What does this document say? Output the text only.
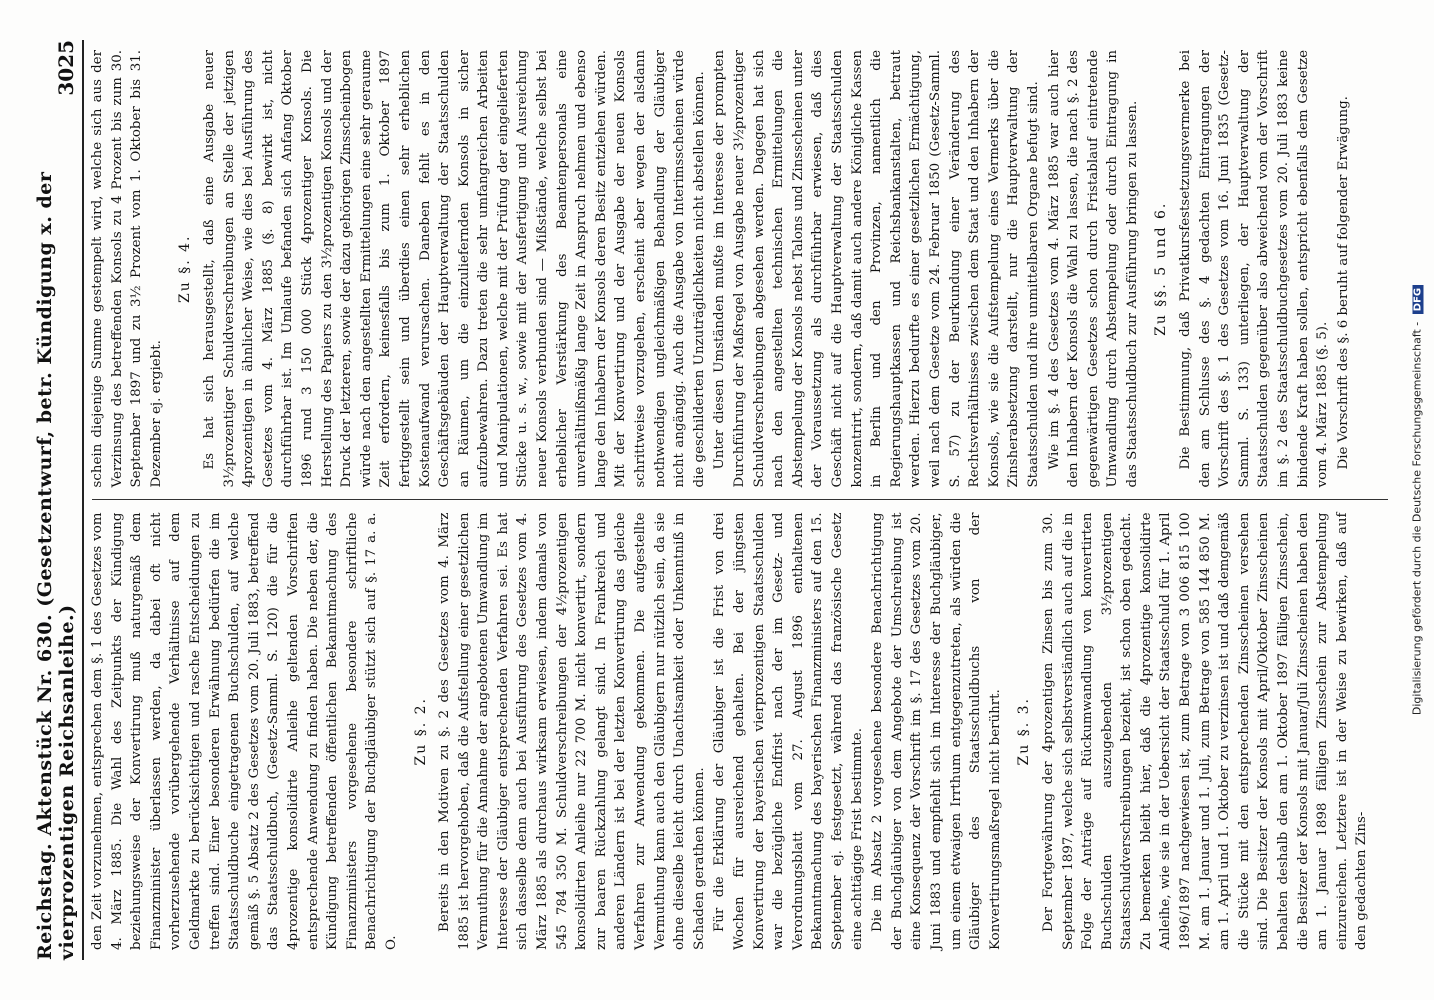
Reichstag. Aktenstück Nr. 630. (Gesetzentwurf, betr. Kündigung x. der vierprozentigen Reichsanleihe.)
3025

den Zeit vorzunehmen, entsprechen dem §. 1 des Gesetzes vom 4. März 1885. Die Wahl des Zeitpunkts der Kündigung beziehungsweise der Konvertirung muß naturgemäß dem Finanzminister überlassen werden, da dabei oft nicht vorherzusehende vorübergehende Verhältnisse auf dem Geldmarkte zu berücksichtigen und rasche Entscheidungen zu treffen sind. Einer besonderen Erwähnung bedürfen die im Staatsschuldbuche eingetragenen Buchschulden, auf welche gemäß §. 5 Absatz 2 des Gesetzes vom 20. Juli 1883, betreffend das Staatsschuldbuch, (Gesetz-Samml. S. 120) die für die 4prozentige konsolidirte Anleihe geltenden Vorschriften entsprechende Anwendung zu finden haben. Die neben der, die Kündigung betreffenden öffentlichen Bekanntmachung des Finanzministers vorgesehene besondere schriftliche Benachrichtigung der Buchgläubiger stützt sich auf §. 17 a. a. O.

Zu §. 2. Bereits in den Motiven zu §. 2 des Gesetzes vom 4. März 1885 ist hervorgehoben, daß die Aufstellung einer gesetzlichen Vermuthung für die Annahme der angebotenen Umwandlung im Interesse der Gläubiger entsprechenden Verfahren sei. Es hat sich dasselbe denn auch bei Ausführung des Gesetzes vom 4. März 1885 als durchaus wirksam erwiesen, indem damals von 545 784 350 M. Schuldverschreibungen der 4½prozentigen konsolidirten Anleihe nur 22 700 M. nicht konvertirt, sondern zur baaren Rückzahlung gelangt sind. In Frankreich und anderen Ländern ist bei der letzten Konvertirung das gleiche Verfahren zur Anwendung gekommen. Die aufgestellte Vermuthung kann auch den Gläubigern nur nützlich sein, da sie ohne dieselbe leicht durch Unachtsamkeit oder Unkenntniß in Schaden gerathen können. Für die Erklärung der Gläubiger ist die Frist von drei Wochen für ausreichend gehalten. Bei der jüngsten Konvertirung der bayerischen vierprozentigen Staatsschulden war die bezügliche Endfrist nach der im Gesetz- und Verordnungsblatt vom 27. August 1896 enthaltenen Bekanntmachung des bayerischen Finanzministers auf den 15. September ej. festgesetzt, während das französische Gesetz eine achttägige Frist bestimmte. Die im Absatz 2 vorgesehene besondere Benachrichtigung der Buchgläubiger von dem Angebote der Umschreibung ist eine Konsequenz der Vorschrift im §. 17 des Gesetzes vom 20. Juni 1883 und empfiehlt sich im Interesse der Buchgläubiger, um einem etwaigen Irrthum entgegenzutreten, als würden die Gläubiger des Staatsschuldbuchs von der Konvertirungsmaßregel nicht berührt. Zu §. 3. Der Fortgewährung der 4prozentigen Zinsen bis zum 30. September 1897, welche sich selbstverständlich auch auf die in Folge der Anträge auf Rückumwandlung von konvertirten Buchschulden auszugebenden 3½prozentigen Staatsschuldverschreibungen bezieht, ist schon oben gedacht. Zu bemerken bleibt hier, daß die 4prozentige konsolidirte Anleihe, wie sie in der Uebersicht der Staatsschuld für 1. April 1896/1897 nachgewiesen ist, zum Betrage von 3 006 815 100 M. am 1. Januar und 1. Juli, zum Betrage von 585 144 850 M. am 1. April und 1. Oktober zu verzinsen ist und daß demgemäß die Stücke mit den entsprechenden Zinsscheinen versehen sind. Die Besitzer der Konsols mit April/Oktober Zinsscheinen behalten deshalb den am 1. Oktober 1897 fälligen Zinsschein, die Besitzer der Konsols mit Januar/Juli Zinsscheinen haben den am 1. Januar 1898 fälligen Zinsschein zur Abstempelung einzureichen. Letztere ist in der Weise zu bewirken, daß auf den gedachten Zins-

schein diejenige Summe gestempelt wird, welche sich aus der Verzinsung des betreffenden Konsols zu 4 Prozent bis zum 30. September 1897 und zu 3½ Prozent vom 1. Oktober bis 31. Dezember ej. ergiebt.

Zu §. 4. Es hat sich herausgestellt, daß eine Ausgabe neuer 3½prozentiger Schuldverschreibungen an Stelle der jetzigen 4prozentigen in ähnlicher Weise, wie dies bei Ausführung des Gesetzes vom 4. März 1885 (§. 8) bewirkt ist, nicht durchführbar ist. Im Umlaufe befanden sich Anfang Oktober 1896 rund 3 150 000 Stück 4prozentiger Konsols. Die Herstellung des Papiers zu den 3½prozentigen Konsols und der Druck der letzteren, sowie der dazu gehörigen Zinsscheinbogen würde nach den angestellten Ermittelungen eine sehr geraume Zeit erfordern, keinesfalls bis zum 1. Oktober 1897 fertiggestellt sein und überdies einen sehr erheblichen Kostenaufwand verursachen. Daneben fehlt es in den Geschäftsgebäuden der Hauptverwaltung der Staatsschulden an Räumen, um die einzuliefernden Konsols in sicher aufzubewahren. Dazu treten die sehr umfangreichen Arbeiten und Manipulationen, welche mit der Prüfung der eingelieferten Stücke u. s. w., sowie mit der Ausfertigung und Ausreichung neuer Konsols verbunden sind — Mißstände, welche selbst bei erheblicher Verstärkung des Beamtenpersonals eine unverhältnißmäßig lange Zeit in Anspruch nehmen und ebenso lange den Inhabern der Konsols deren Besitz entziehen würden. Mit der Konvertirung und der Ausgabe der neuen Konsols schrittweise vorzugehen, erscheint aber wegen der alsdann nothwendigen ungleichmäßigen Behandlung der Gläubiger nicht angängig. Auch die Ausgabe von Interimsscheinen würde die geschilderten Unzuträglichkeiten nicht abstellen können. Unter diesen Umständen mußte im Interesse der prompten Durchführung der Maßregel von Ausgabe neuer 3½prozentiger Schuldverschreibungen abgesehen werden. Dagegen hat sich nach den angestellten technischen Ermittelungen die Abstempelung der Konsols nebst Talons und Zinsscheinen unter der Voraussetzung als durchführbar erwiesen, daß dies Geschäft nicht auf die Hauptverwaltung der Staatsschulden konzentrirt, sondern, daß damit auch andere Königliche Kassen in Berlin und den Provinzen, namentlich die Regierungshauptkassen und Reichsbankanstalten, betraut werden. Hierzu bedurfte es einer gesetzlichen Ermächtigung, weil nach dem Gesetze vom 24. Februar 1850 (Gesetz-Samml. S. 57) zu der Beurkundung einer Veränderung des Rechtsverhältnisses zwischen dem Staat und den Inhabern der Konsols, wie sie die Aufstempelung eines Vermerks über die Zinsherabsetzung darstellt, nur die Hauptverwaltung der Staatsschulden und ihre unmittelbaren Organe befugt sind. Wie im §. 4 des Gesetzes vom 4. März 1885 war auch hier den Inhabern der Konsols die Wahl zu lassen, die nach §. 2 des gegenwärtigen Gesetzes schon durch Fristablauf eintretende Umwandlung durch Abstempelung oder durch Eintragung in das Staatsschuldbuch zur Ausführung bringen zu lassen. Zu §§. 5 und 6. Die Bestimmung, daß Privatkursfestsetzungsvermerke bei den am Schlusse des §. 4 gedachten Eintragungen der Vorschrift des §. 1 des Gesetzes vom 16. Juni 1835 (Gesetz-Samml. S. 133) unterliegen, der Hauptverwaltung der Staatsschulden gegenüber also abweichend vom der Vorschrift im §. 2 des Staatsschuldbuchgesetzes vom 20. Juli 1883 keine bindende Kraft haben sollen, entspricht ebenfalls dem Gesetze vom 4. März 1885 (§. 5). Die Vorschrift des §. 6 beruht auf folgender Erwägung.

Digitalisierung gefördert durch die Deutsche Forschungsgemeinschaft - DFG
